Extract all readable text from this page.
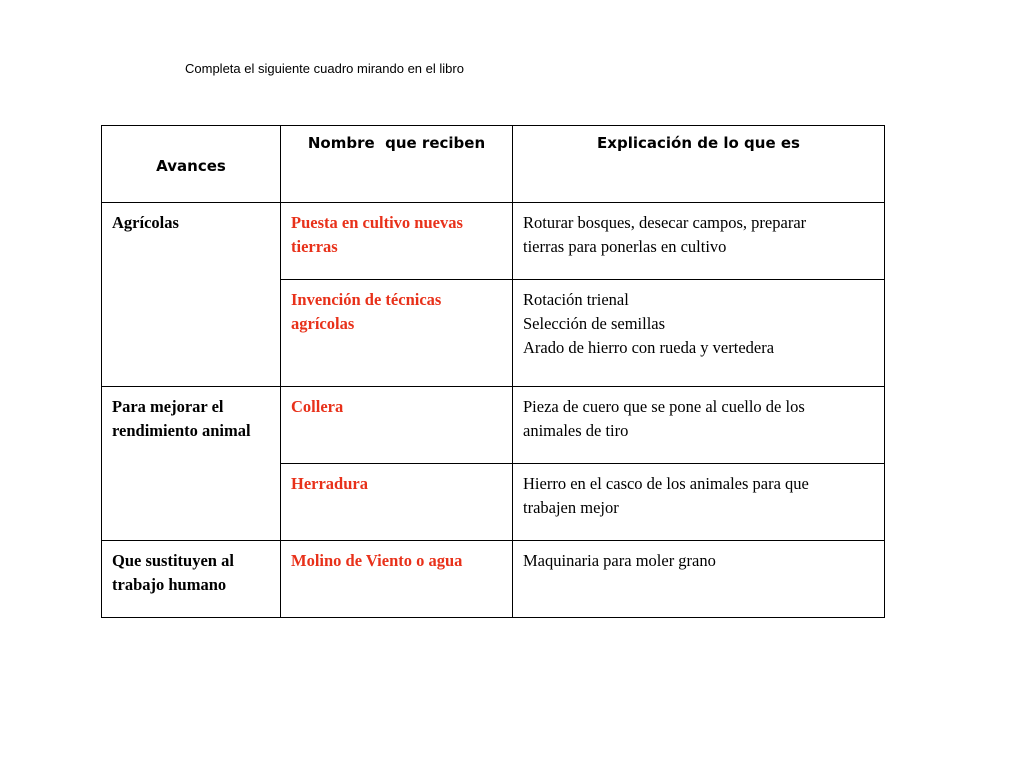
Completa el siguiente cuadro mirando en el libro
Avances	Nombre  que reciben	Explicación de lo que es

Agrícolas	Puesta en cultivo nuevas tierras	Roturar bosques, desecar campos, preparar
tierras para ponerlas en cultivo

	Invención de técnicas agrícolas	Rotación trienal
Selección de semillas
Arado de hierro con rueda y vertedera

Para mejorar el rendimiento animal	Collera	Pieza de cuero que se pone al cuello de los
animales de tiro

	Herradura	Hierro en el casco de los animales para que
trabajen mejor

Que sustituyen al trabajo humano	Molino de Viento o agua	Maquinaria para moler grano
